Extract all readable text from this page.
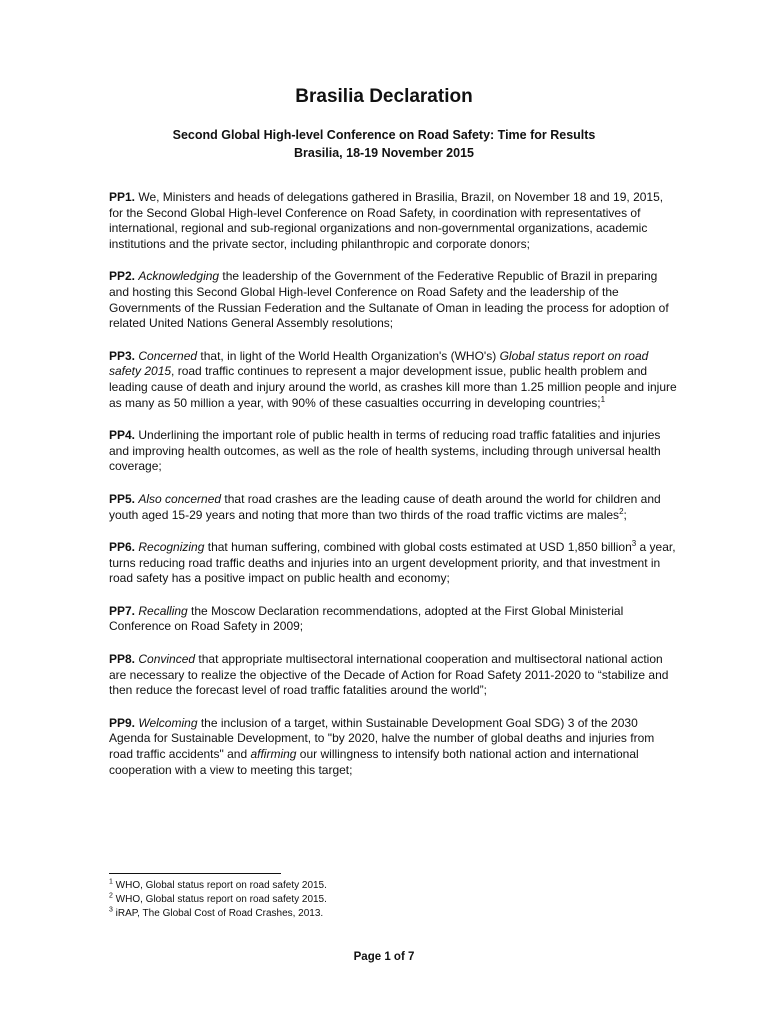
Brasilia Declaration
Second Global High-level Conference on Road Safety: Time for Results
Brasilia, 18-19 November 2015

PP1. We, Ministers and heads of delegations gathered in Brasilia, Brazil, on November 18 and 19, 2015, for the Second Global High-level Conference on Road Safety, in coordination with representatives of international, regional and sub-regional organizations and non-governmental organizations, academic institutions and the private sector, including philanthropic and corporate donors;

PP2. Acknowledging the leadership of the Government of the Federative Republic of Brazil in preparing and hosting this Second Global High-level Conference on Road Safety and the leadership of the Governments of the Russian Federation and the Sultanate of Oman in leading the process for adoption of related United Nations General Assembly resolutions;

PP3. Concerned that, in light of the World Health Organization's (WHO's) Global status report on road safety 2015, road traffic continues to represent a major development issue, public health problem and leading cause of death and injury around the world, as crashes kill more than 1.25 million people and injure as many as 50 million a year, with 90% of these casualties occurring in developing countries;$^1$

PP4. Underlining the important role of public health in terms of reducing road traffic fatalities and injuries and improving health outcomes, as well as the role of health systems, including through universal health coverage;

PP5. Also concerned that road crashes are the leading cause of death around the world for children and youth aged 15-29 years and noting that more than two thirds of the road traffic victims are males$^2$;

PP6. Recognizing that human suffering, combined with global costs estimated at USD 1,850 billion$^3$ a year, turns reducing road traffic deaths and injuries into an urgent development priority, and that investment in road safety has a positive impact on public health and economy;

PP7. Recalling the Moscow Declaration recommendations, adopted at the First Global Ministerial Conference on Road Safety in 2009;

PP8. Convinced that appropriate multisectoral international cooperation and multisectoral national action are necessary to realize the objective of the Decade of Action for Road Safety 2011-2020 to “stabilize and then reduce the forecast level of road traffic fatalities around the world”;

PP9. Welcoming the inclusion of a target, within Sustainable Development Goal SDG) 3 of the 2030 Agenda for Sustainable Development, to "by 2020, halve the number of global deaths and injuries from road traffic accidents" and affirming our willingness to intensify both national action and international cooperation with a view to meeting this target;

$^1$ WHO, Global status report on road safety 2015.
$^2$ WHO, Global status report on road safety 2015.
$^3$ iRAP, The Global Cost of Road Crashes, 2013.
Page 1 of 7
